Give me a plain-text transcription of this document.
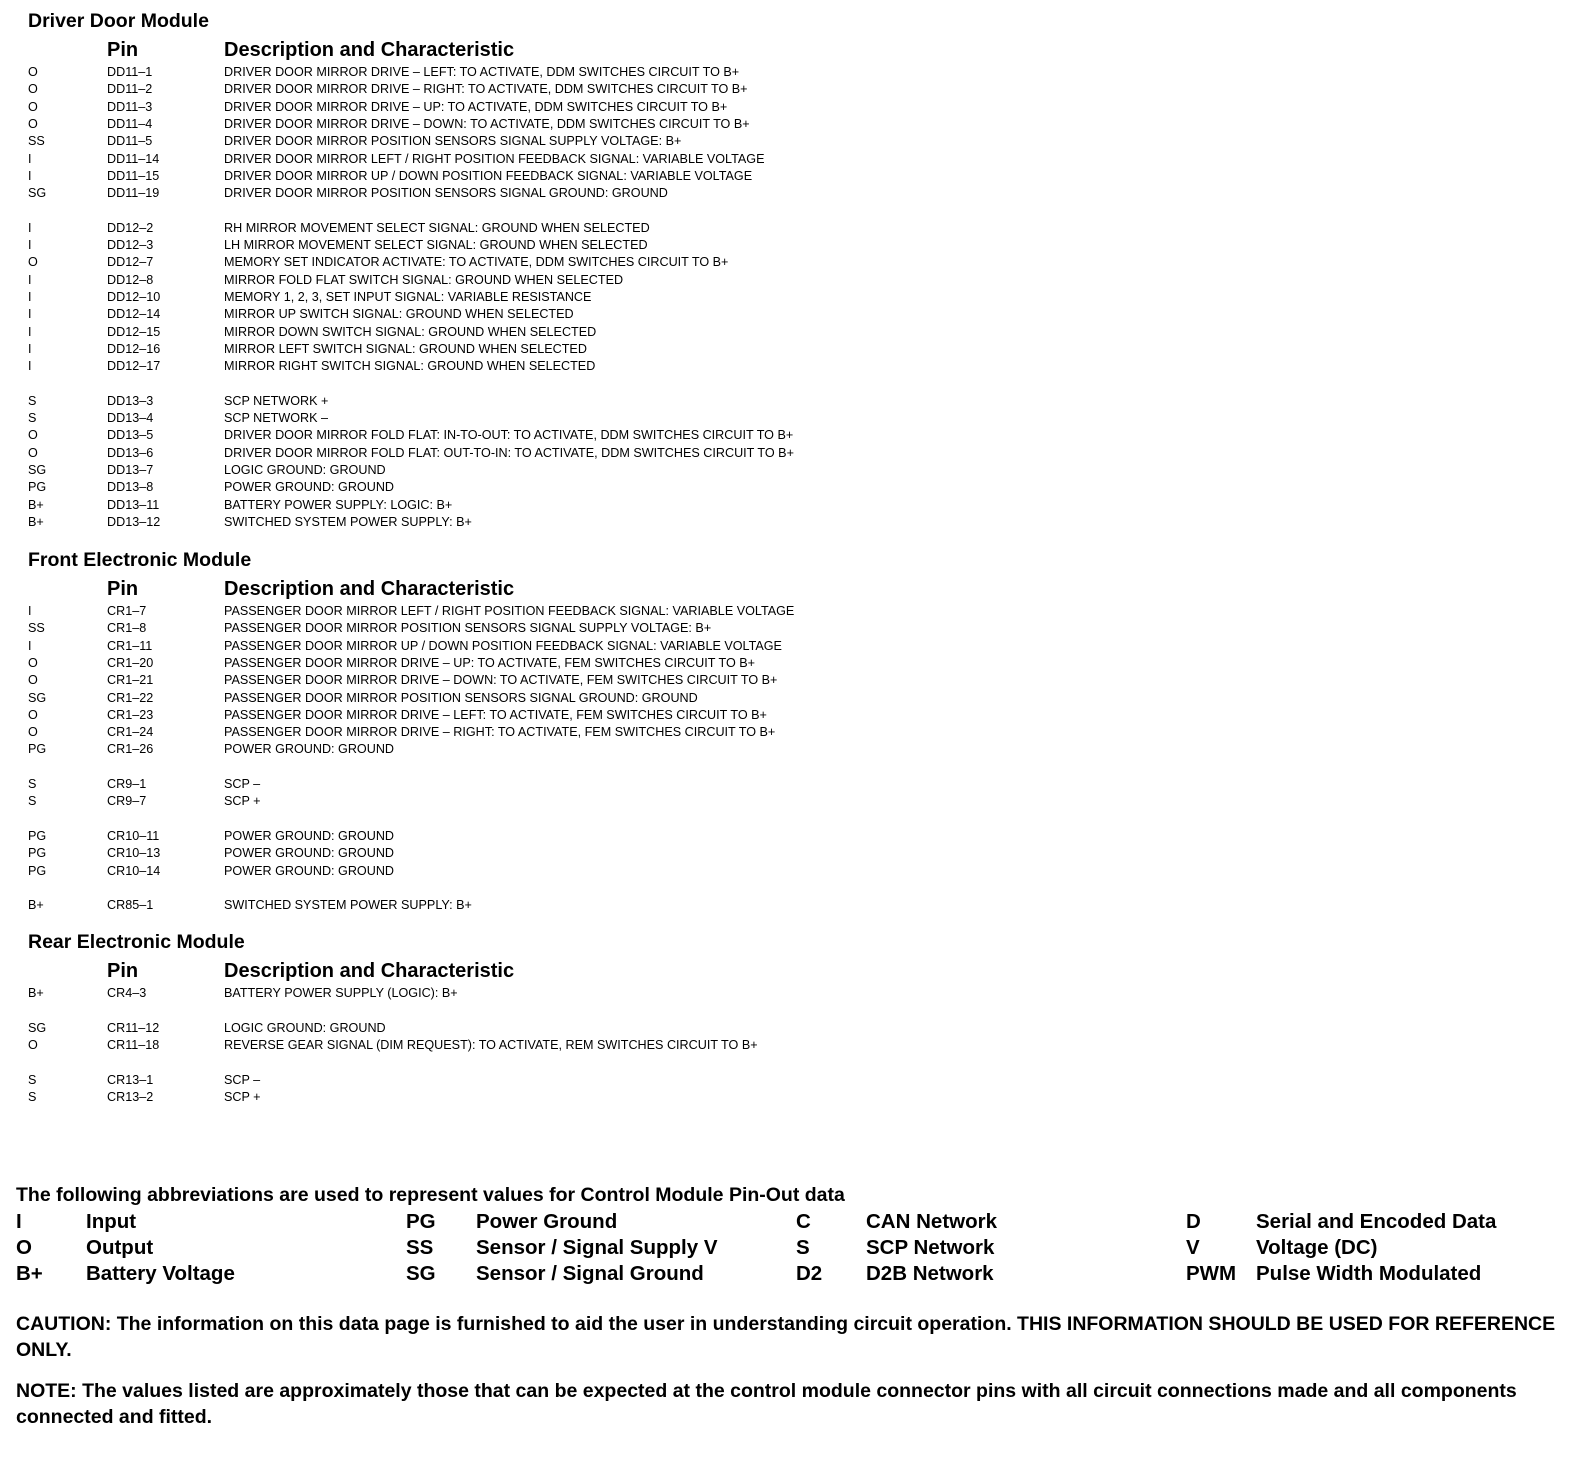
Driver Door Module
Pin	Description and Characteristic
O	DD11–1	DRIVER DOOR MIRROR DRIVE – LEFT: TO ACTIVATE, DDM SWITCHES CIRCUIT TO B+
O	DD11–2	DRIVER DOOR MIRROR DRIVE – RIGHT: TO ACTIVATE, DDM SWITCHES CIRCUIT TO B+
O	DD11–3	DRIVER DOOR MIRROR DRIVE – UP: TO ACTIVATE, DDM SWITCHES CIRCUIT TO B+
O	DD11–4	DRIVER DOOR MIRROR DRIVE – DOWN: TO ACTIVATE, DDM SWITCHES CIRCUIT TO B+
SS	DD11–5	DRIVER DOOR MIRROR POSITION SENSORS SIGNAL SUPPLY VOLTAGE: B+
I	DD11–14	DRIVER DOOR MIRROR LEFT / RIGHT POSITION FEEDBACK SIGNAL: VARIABLE VOLTAGE
I	DD11–15	DRIVER DOOR MIRROR UP / DOWN POSITION FEEDBACK SIGNAL: VARIABLE VOLTAGE
SG	DD11–19	DRIVER DOOR MIRROR POSITION SENSORS SIGNAL GROUND: GROUND
I	DD12–2	RH MIRROR MOVEMENT SELECT SIGNAL: GROUND WHEN SELECTED
I	DD12–3	LH MIRROR MOVEMENT SELECT SIGNAL: GROUND WHEN SELECTED
O	DD12–7	MEMORY SET INDICATOR ACTIVATE: TO ACTIVATE, DDM SWITCHES CIRCUIT TO B+
I	DD12–8	MIRROR FOLD FLAT SWITCH SIGNAL: GROUND WHEN SELECTED
I	DD12–10	MEMORY 1, 2, 3, SET INPUT SIGNAL: VARIABLE RESISTANCE
I	DD12–14	MIRROR UP SWITCH SIGNAL: GROUND WHEN SELECTED
I	DD12–15	MIRROR DOWN SWITCH SIGNAL: GROUND WHEN SELECTED
I	DD12–16	MIRROR LEFT SWITCH SIGNAL: GROUND WHEN SELECTED
I	DD12–17	MIRROR RIGHT SWITCH SIGNAL: GROUND WHEN SELECTED
S	DD13–3	SCP NETWORK +
S	DD13–4	SCP NETWORK –
O	DD13–5	DRIVER DOOR MIRROR FOLD FLAT: IN-TO-OUT: TO ACTIVATE, DDM SWITCHES CIRCUIT TO B+
O	DD13–6	DRIVER DOOR MIRROR FOLD FLAT: OUT-TO-IN: TO ACTIVATE, DDM SWITCHES CIRCUIT TO B+
SG	DD13–7	LOGIC GROUND: GROUND
PG	DD13–8	POWER GROUND: GROUND
B+	DD13–11	BATTERY POWER SUPPLY: LOGIC: B+
B+	DD13–12	SWITCHED SYSTEM POWER SUPPLY: B+
Front Electronic Module
Pin	Description and Characteristic
I	CR1–7	PASSENGER DOOR MIRROR LEFT / RIGHT POSITION FEEDBACK SIGNAL: VARIABLE VOLTAGE
SS	CR1–8	PASSENGER DOOR MIRROR POSITION SENSORS SIGNAL SUPPLY VOLTAGE: B+
I	CR1–11	PASSENGER DOOR MIRROR UP / DOWN POSITION FEEDBACK SIGNAL: VARIABLE VOLTAGE
O	CR1–20	PASSENGER DOOR MIRROR DRIVE – UP: TO ACTIVATE, FEM SWITCHES CIRCUIT TO B+
O	CR1–21	PASSENGER DOOR MIRROR DRIVE – DOWN: TO ACTIVATE, FEM SWITCHES CIRCUIT TO B+
SG	CR1–22	PASSENGER DOOR MIRROR POSITION SENSORS SIGNAL GROUND: GROUND
O	CR1–23	PASSENGER DOOR MIRROR DRIVE – LEFT: TO ACTIVATE, FEM SWITCHES CIRCUIT TO B+
O	CR1–24	PASSENGER DOOR MIRROR DRIVE – RIGHT: TO ACTIVATE, FEM SWITCHES CIRCUIT TO B+
PG	CR1–26	POWER GROUND: GROUND
S	CR9–1	SCP –
S	CR9–7	SCP +
PG	CR10–11	POWER GROUND: GROUND
PG	CR10–13	POWER GROUND: GROUND
PG	CR10–14	POWER GROUND: GROUND
B+	CR85–1	SWITCHED SYSTEM POWER SUPPLY: B+
Rear Electronic Module
Pin	Description and Characteristic
B+	CR4–3	BATTERY POWER SUPPLY (LOGIC): B+
SG	CR11–12	LOGIC GROUND: GROUND
O	CR11–18	REVERSE GEAR SIGNAL (DIM REQUEST): TO ACTIVATE, REM SWITCHES CIRCUIT TO B+
S	CR13–1	SCP –
S	CR13–2	SCP +
The following abbreviations are used to represent values for Control Module Pin-Out data
I	Input
O	Output
B+ Battery Voltage
PG Power Ground
SS Sensor / Signal Supply V
SG Sensor / Signal Ground
C	CAN Network
S	SCP Network
D2 D2B Network
D	Serial and Encoded Data
V	Voltage (DC)
PWM Pulse Width Modulated
CAUTION: The information on this data page is furnished to aid the user in understanding circuit operation. THIS INFORMATION SHOULD BE USED FOR REFERENCE ONLY.
NOTE: The values listed are approximately those that can be expected at the control module connector pins with all circuit connections made and all components connected and fitted.
